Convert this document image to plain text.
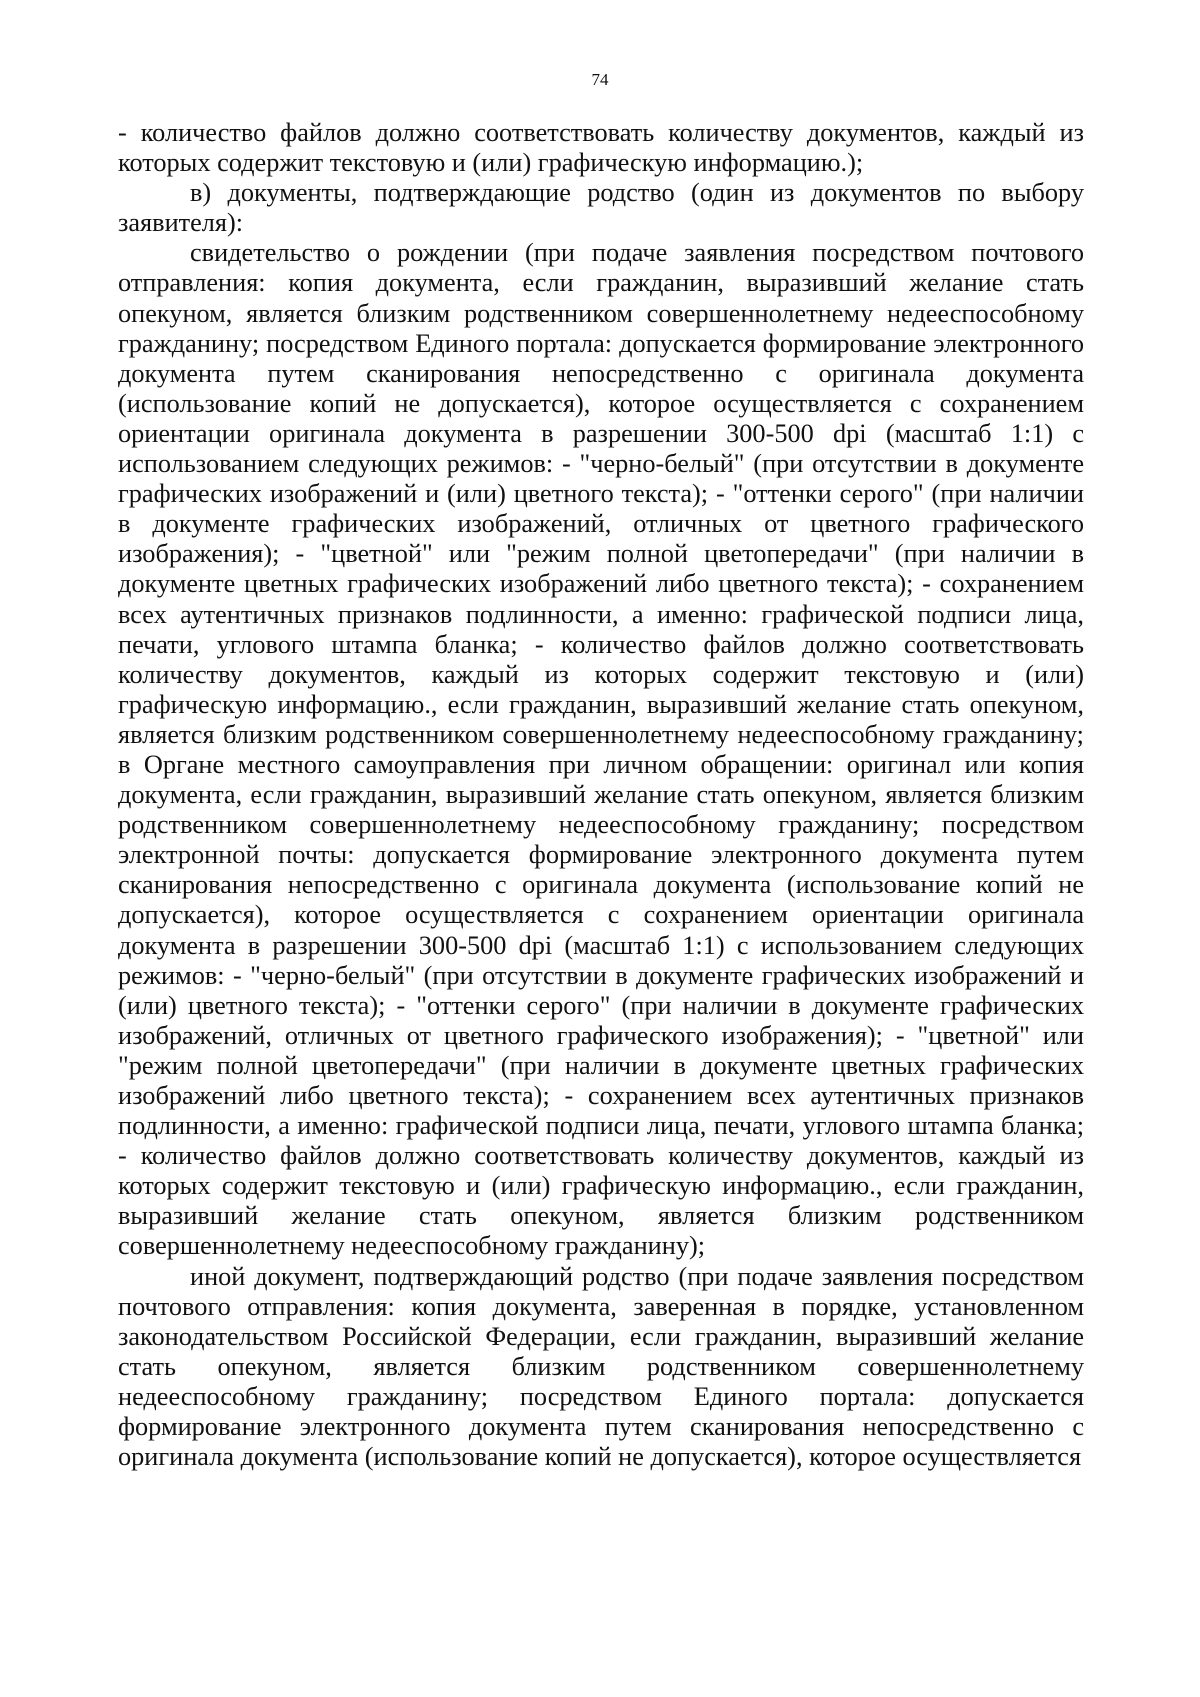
74

- количество файлов должно соответствовать количеству документов, каждый из которых содержит текстовую и (или) графическую информацию.);

в) документы, подтверждающие родство (один из документов по выбору заявителя):

свидетельство о рождении (при подаче заявления посредством почтового отправления: копия документа, если гражданин, выразивший желание стать опекуном, является близким родственником совершеннолетнему недееспособному гражданину; посредством Единого портала: допускается формирование электронного документа путем сканирования непосредственно с оригинала документа (использование копий не допускается), которое осуществляется с сохранением ориентации оригинала документа в разрешении 300-500 dpi (масштаб 1:1) с использованием следующих режимов: - "черно-белый" (при отсутствии в документе графических изображений и (или) цветного текста); - "оттенки серого" (при наличии в документе графических изображений, отличных от цветного графического изображения); - "цветной" или "режим полной цветопередачи" (при наличии в документе цветных графических изображений либо цветного текста); - сохранением всех аутентичных признаков подлинности, а именно: графической подписи лица, печати, углового штампа бланка; - количество файлов должно соответствовать количеству документов, каждый из которых содержит текстовую и (или) графическую информацию., если гражданин, выразивший желание стать опекуном, является близким родственником совершеннолетнему недееспособному гражданину; в Органе местного самоуправления при личном обращении: оригинал или копия документа, если гражданин, выразивший желание стать опекуном, является близким родственником совершеннолетнему недееспособному гражданину; посредством электронной почты: допускается формирование электронного документа путем сканирования непосредственно с оригинала документа (использование копий не допускается), которое осуществляется с сохранением ориентации оригинала документа в разрешении 300-500 dpi (масштаб 1:1) с использованием следующих режимов: - "черно-белый" (при отсутствии в документе графических изображений и (или) цветного текста); - "оттенки серого" (при наличии в документе графических изображений, отличных от цветного графического изображения); - "цветной" или "режим полной цветопередачи" (при наличии в документе цветных графических изображений либо цветного текста); - сохранением всех аутентичных признаков подлинности, а именно: графической подписи лица, печати, углового штампа бланка; - количество файлов должно соответствовать количеству документов, каждый из которых содержит текстовую и (или) графическую информацию., если гражданин, выразивший желание стать опекуном, является близким родственником совершеннолетнему недееспособному гражданину);

иной документ, подтверждающий родство (при подаче заявления посредством почтового отправления: копия документа, заверенная в порядке, установленном законодательством Российской Федерации, если гражданин, выразивший желание стать опекуном, является близким родственником совершеннолетнему недееспособному гражданину; посредством Единого портала: допускается формирование электронного документа путем сканирования непосредственно с оригинала документа (использование копий не допускается), которое осуществляется
